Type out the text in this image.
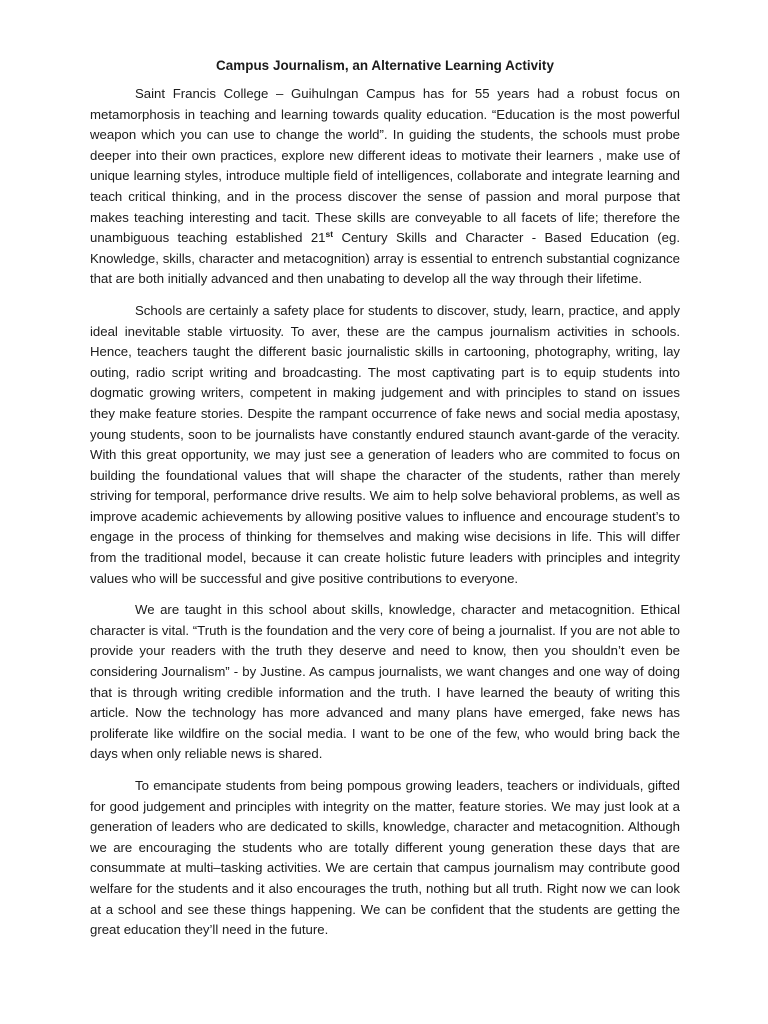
Campus Journalism, an Alternative Learning Activity

Saint Francis College – Guihulngan Campus has for 55 years had a robust focus on metamorphosis in teaching and learning towards quality education. “Education is the most powerful weapon which you can use to change the world”. In guiding the students, the schools must probe deeper into their own practices, explore new different ideas to motivate their learners , make use of unique learning styles, introduce multiple field of intelligences, collaborate and integrate learning and teach critical thinking, and in the process discover the sense of passion and moral purpose that makes teaching interesting and tacit. These skills are conveyable to all facets of life; therefore the unambiguous teaching established 21st Century Skills and Character - Based Education (eg. Knowledge, skills, character and metacognition) array is essential to entrench substantial cognizance that are both initially advanced and then unabating to develop all the way through their lifetime.

Schools are certainly a safety place for students to discover, study, learn, practice, and apply ideal inevitable stable virtuosity. To aver, these are the campus journalism activities in schools. Hence, teachers taught the different basic journalistic skills in cartooning, photography, writing, lay outing, radio script writing and broadcasting. The most captivating part is to equip students into dogmatic growing writers, competent in making judgement and with principles to stand on issues they make feature stories. Despite the rampant occurrence of fake news and social media apostasy, young students, soon to be journalists have constantly endured staunch avant-garde of the veracity. With this great opportunity, we may just see a generation of leaders who are commited to focus on building the foundational values that will shape the character of the students, rather than merely striving for temporal, performance drive results. We aim to help solve behavioral problems, as well as improve academic achievements by allowing positive values to influence and encourage student’s to engage in the process of thinking for themselves and making wise decisions in life. This will differ from the traditional model, because it can create holistic future leaders with principles and integrity values who will be successful and give positive contributions to everyone.

We are taught in this school about skills, knowledge, character and metacognition. Ethical character is vital. “Truth is the foundation and the very core of being a journalist. If you are not able to provide your readers with the truth they deserve and need to know, then you shouldn’t even be considering Journalism” - by Justine. As campus journalists, we want changes and one way of doing that is through writing credible information and the truth. I have learned the beauty of writing this article. Now the technology has more advanced and many plans have emerged, fake news has proliferate like wildfire on the social media. I want to be one of the few, who would bring back the days when only reliable news is shared.

To emancipate students from being pompous growing leaders, teachers or individuals, gifted for good judgement and principles with integrity on the matter, feature stories. We may just look at a generation of leaders who are dedicated to skills, knowledge, character and metacognition. Although we are encouraging the students who are totally different young generation these days that are consummate at multi–tasking activities. We are certain that campus journalism may contribute good welfare for the students and it also encourages the truth, nothing but all truth. Right now we can look at a school and see these things happening. We can be confident that the students are getting the great education they’ll need in the future.
